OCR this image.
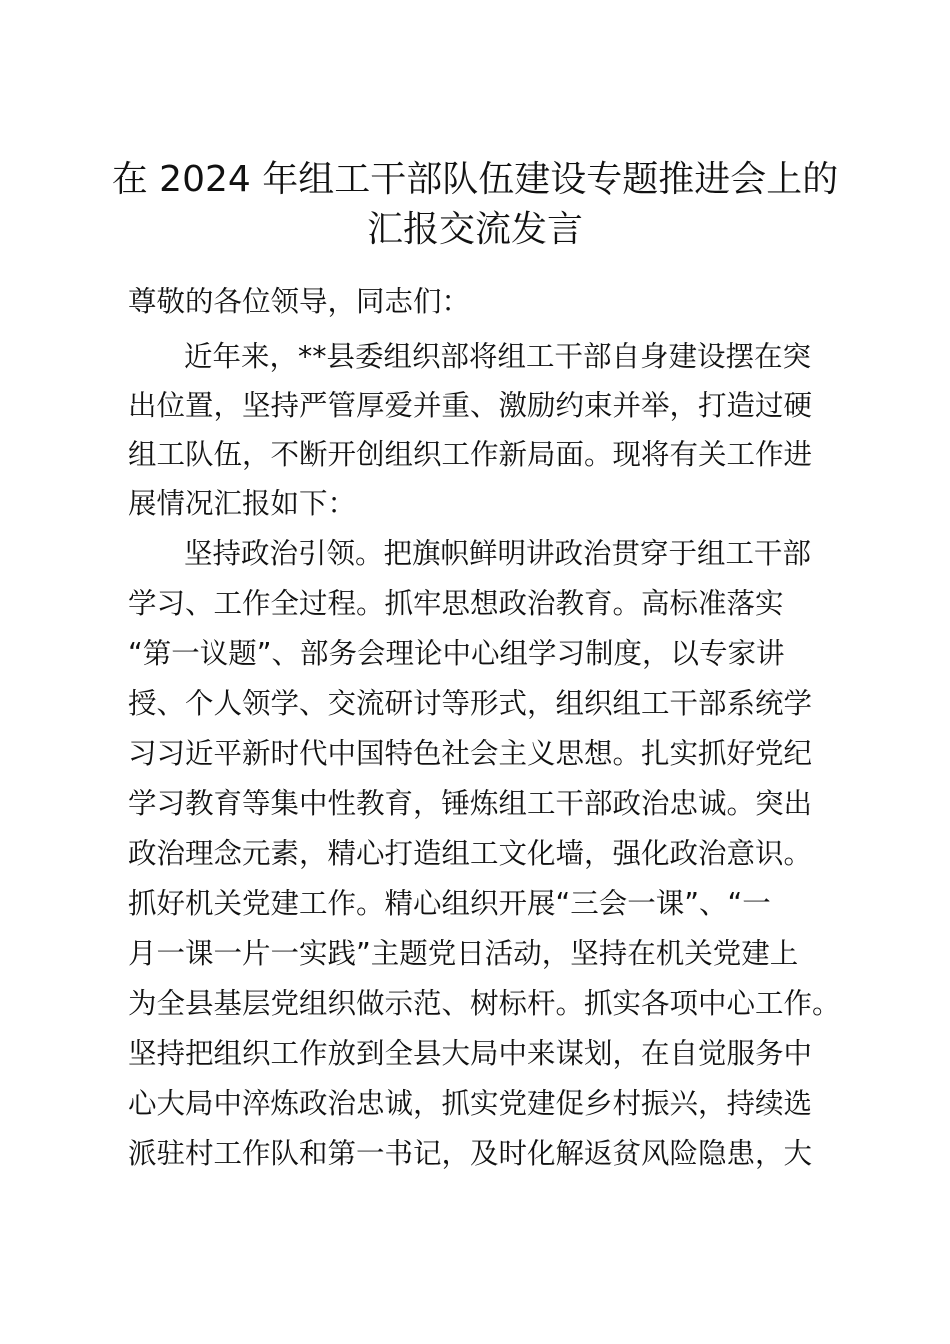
在 2024 年组工干部队伍建设专题推进会上的
汇报交流发言

尊敬的各位领导，同志们：

近年来，**县委组织部将组工干部自身建设摆在突

出位置，坚持严管厚爱并重、激励约束并举，打造过硬

组工队伍，不断开创组织工作新局面。现将有关工作进

展情况汇报如下：

坚持政治引领。把旗帜鲜明讲政治贯穿于组工干部

学习、工作全过程。抓牢思想政治教育。高标准落实

“第一议题”、部务会理论中心组学习制度，以专家讲

授、个人领学、交流研讨等形式，组织组工干部系统学

习习近平新时代中国特色社会主义思想。扎实抓好党纪

学习教育等集中性教育，锤炼组工干部政治忠诚。突出

政治理念元素，精心打造组工文化墙，强化政治意识。

抓好机关党建工作。精心组织开展“三会一课”、“一

月一课一片一实践”主题党日活动，坚持在机关党建上

为全县基层党组织做示范、树标杆。抓实各项中心工作。

坚持把组织工作放到全县大局中来谋划，在自觉服务中

心大局中淬炼政治忠诚，抓实党建促乡村振兴，持续选

派驻村工作队和第一书记，及时化解返贫风险隐患，大
